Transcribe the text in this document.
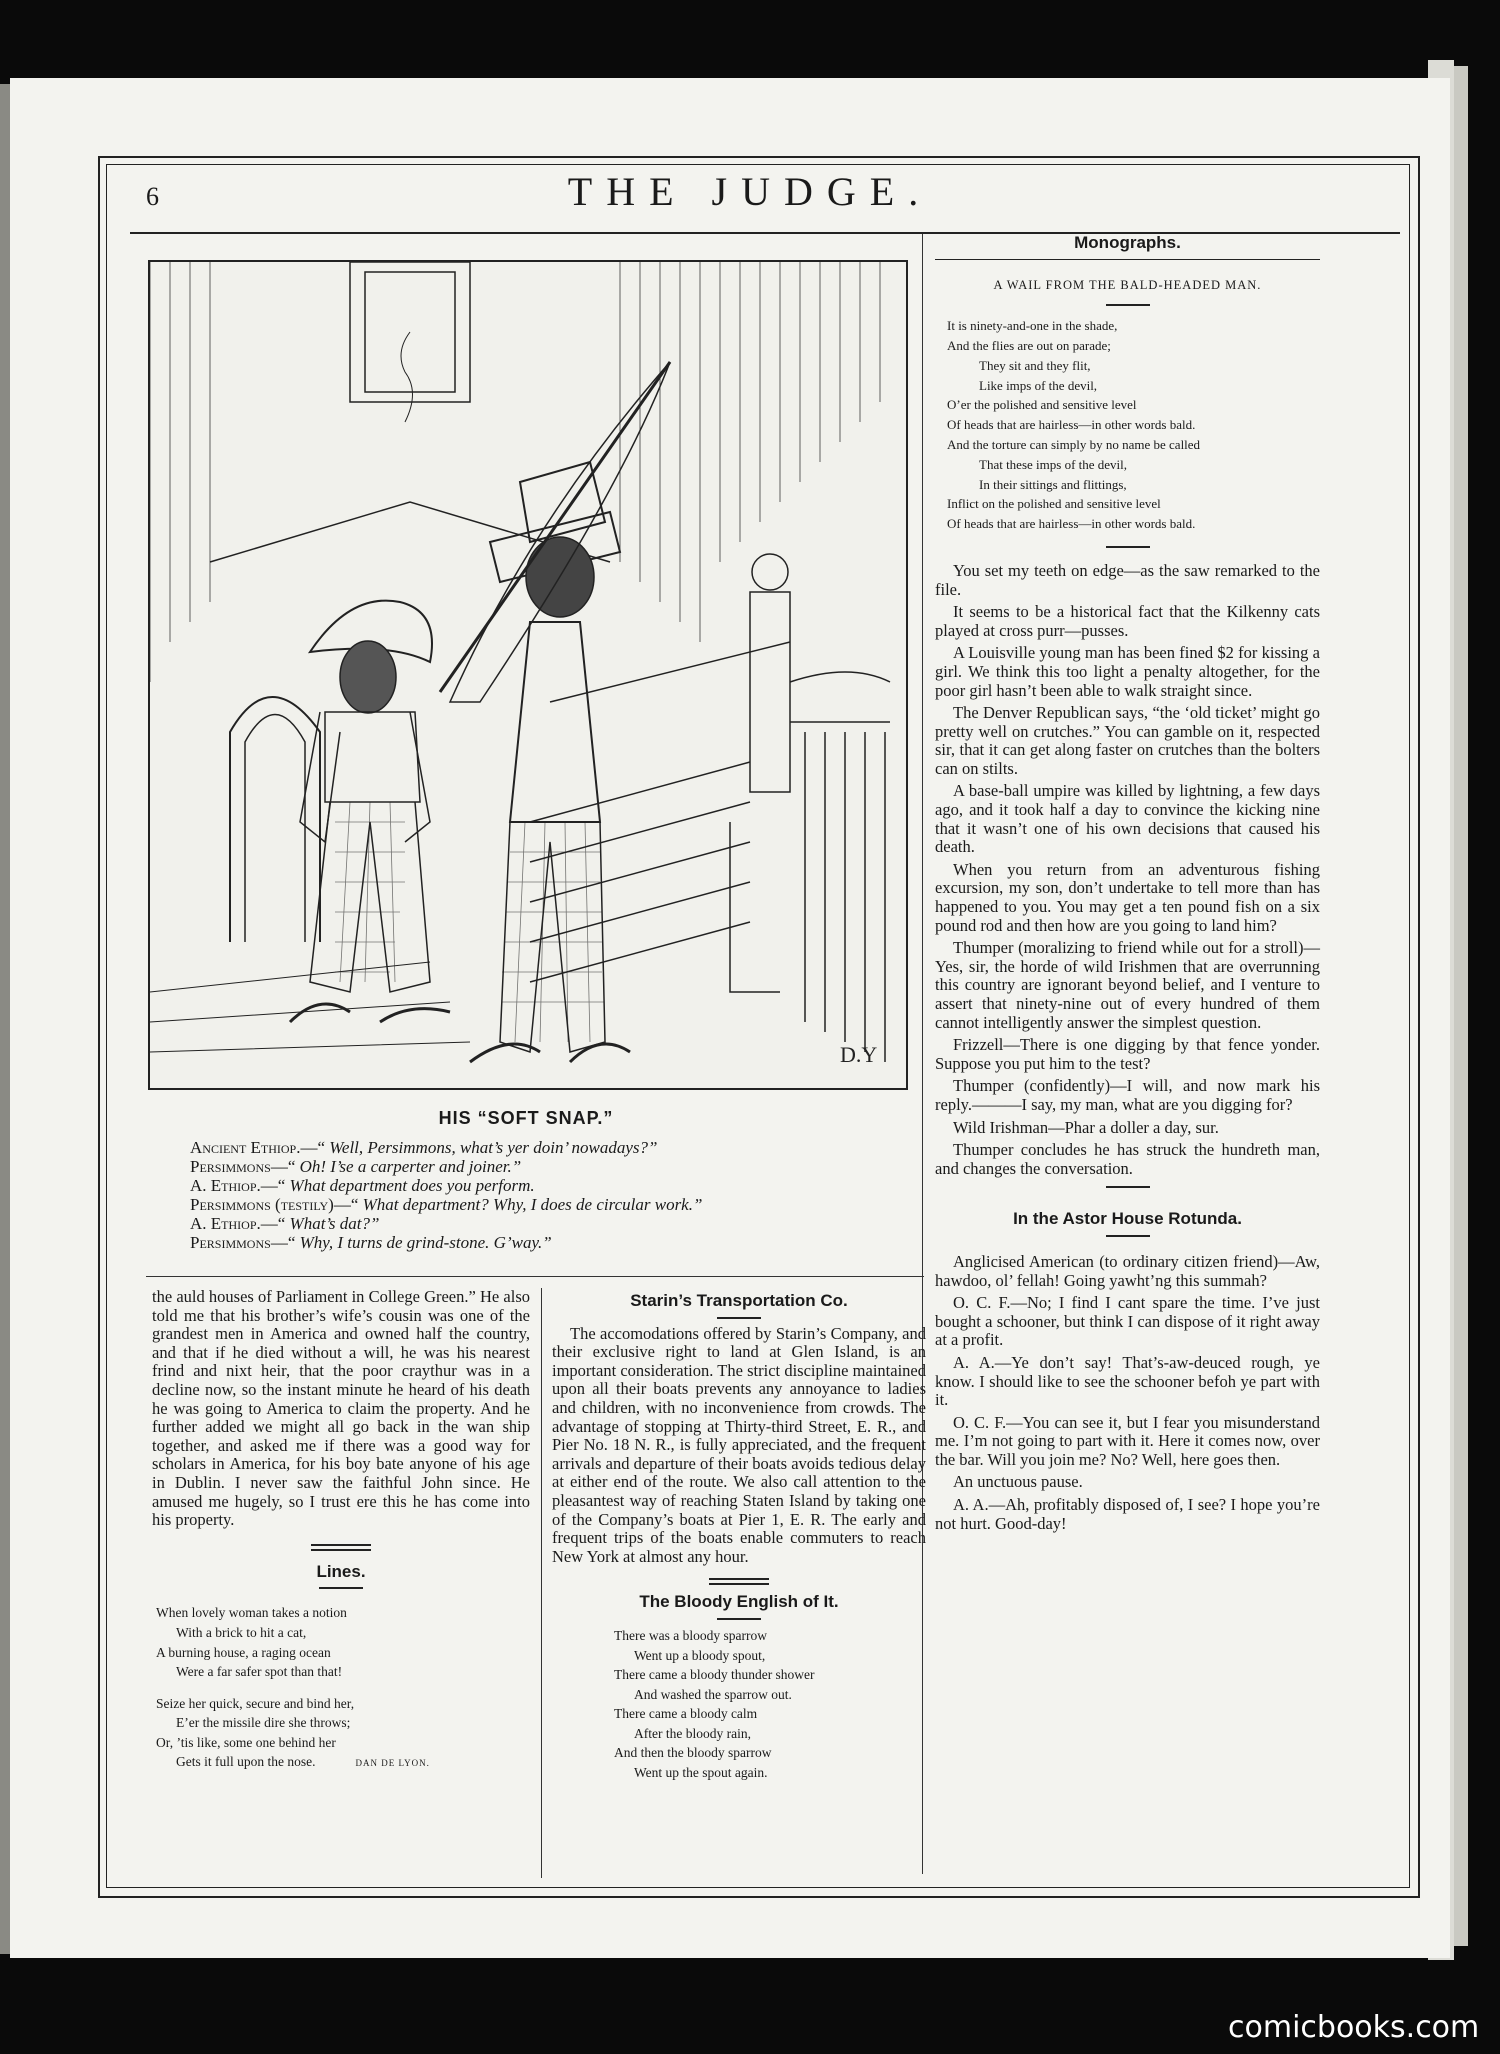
6	THE JUDGE.
D.Y
HIS “SOFT SNAP.”

Ancient Ethiop.—“ Well, Persimmons, what’s yer doin’ nowadays?”

Persimmons—“ Oh! I’se a carperter and joiner.”

A. Ethiop.—“ What department does you perform.

Persimmons (testily)—“ What department? Why, I does de circular work.”

A. Ethiop.—“ What’s dat?”

Persimmons—“ Why, I turns de grind-stone. G’way.”

the auld houses of Parliament in College Green.” He also told me that his brother’s wife’s cousin was one of the grandest men in America and owned half the country, and that if he died without a will, he was his nearest frind and nixt heir, that the poor craythur was in a decline now, so the instant minute he heard of his death he was going to America to claim the property. And he further added we might all go back in the wan ship together, and asked me if there was a good way for scholars in America, for his boy bate anyone of his age in Dublin. I never saw the faithful John since. He amused me hugely, so I trust ere this he has come into his property.

Lines.
When lovely woman takes a notion
With a brick to hit a cat,
A burning house, a raging ocean
Were a far safer spot than that!
Seize her quick, secure and bind her,
E’er the missile dire she throws;
Or, ’tis like, some one behind her
Gets it full upon the nose.	DAN DE LYON.
Starin’s Transportation Co.

The accomodations offered by Starin’s Company, and their exclusive right to land at Glen Island, is an important consideration. The strict discipline maintained upon all their boats prevents any annoyance to ladies and children, with no inconvenience from crowds. The advantage of stopping at Thirty-third Street, E. R., and Pier No. 18 N. R., is fully appreciated, and the frequent arrivals and departure of their boats avoids tedious delay at either end of the route. We also call attention to the pleasantest way of reaching Staten Island by taking one of the Company’s boats at Pier 1, E. R. The early and frequent trips of the boats enable commuters to reach New York at almost any hour.

The Bloody English of It.
There was a bloody sparrow
Went up a bloody spout,
There came a bloody thunder shower
And washed the sparrow out.
There came a bloody calm
After the bloody rain,
And then the bloody sparrow
Went up the spout again.
Monographs.
A WAIL FROM THE BALD-HEADED MAN.
It is ninety-and-one in the shade,
And the flies are out on parade;
They sit and they flit,
Like imps of the devil,
O’er the polished and sensitive level
Of heads that are hairless—in other words bald.
And the torture can simply by no name be called
That these imps of the devil,
In their sittings and flittings,
Inflict on the polished and sensitive level
Of heads that are hairless—in other words bald.

You set my teeth on edge—as the saw remarked to the file.

It seems to be a historical fact that the Kilkenny cats played at cross purr—pusses.

A Louisville young man has been fined $2 for kissing a girl. We think this too light a penalty altogether, for the poor girl hasn’t been able to walk straight since.

The Denver Republican says, “the ‘old ticket’ might go pretty well on crutches.” You can gamble on it, respected sir, that it can get along faster on crutches than the bolters can on stilts.

A base-ball umpire was killed by lightning, a few days ago, and it took half a day to convince the kicking nine that it wasn’t one of his own decisions that caused his death.

When you return from an adventurous fishing excursion, my son, don’t undertake to tell more than has happened to you. You may get a ten pound fish on a six pound rod and then how are you going to land him?

Thumper (moralizing to friend while out for a stroll)—Yes, sir, the horde of wild Irishmen that are overrunning this country are ignorant beyond belief, and I venture to assert that ninety-nine out of every hundred of them cannot intelligently answer the simplest question.

Frizzell—There is one digging by that fence yonder. Suppose you put him to the test?

Thumper (confidently)—I will, and now mark his reply.———I say, my man, what are you digging for?

Wild Irishman—Phar a doller a day, sur.

Thumper concludes he has struck the hundreth man, and changes the conversation.

In the Astor House Rotunda.

Anglicised American (to ordinary citizen friend)—Aw, hawdoo, ol’ fellah! Going yawht’ng this summah?

O. C. F.—No; I find I cant spare the time. I’ve just bought a schooner, but think I can dispose of it right away at a profit.

A. A.—Ye don’t say! That’s-aw-deuced rough, ye know. I should like to see the schooner befoh ye part with it.

O. C. F.—You can see it, but I fear you misunderstand me. I’m not going to part with it. Here it comes now, over the bar. Will you join me? No? Well, here goes then.

An unctuous pause.

A. A.—Ah, profitably disposed of, I see? I hope you’re not hurt. Good-day!

comicbooks.com
